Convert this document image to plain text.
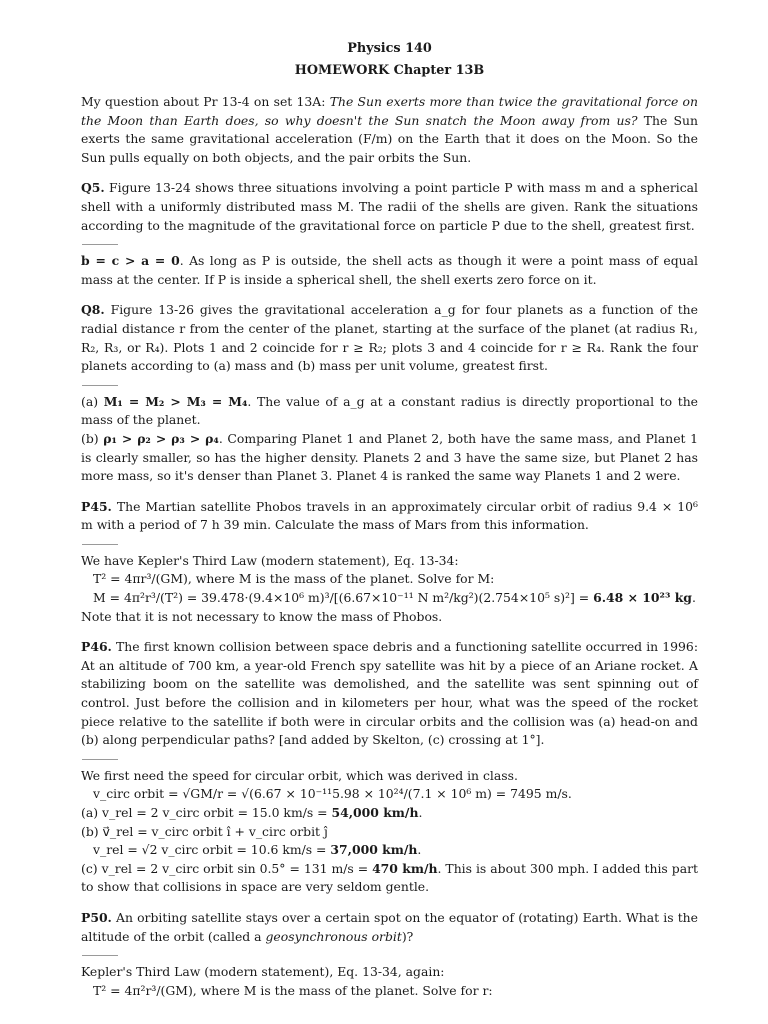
Physics 140
HOMEWORK Chapter 13B

My question about Pr 13-4 on set 13A: The Sun exerts more than twice the gravitational force on the Moon than Earth does, so why doesn't the Sun snatch the Moon away from us? The Sun exerts the same gravitational acceleration (F/m) on the Earth that it does on the Moon. So the Sun pulls equally on both objects, and the pair orbits the Sun.

Q5. Figure 13-24 shows three situations involving a point particle P with mass m and a spherical shell with a uniformly distributed mass M. The radii of the shells are given. Rank the situations according to the magnitude of the gravitational force on particle P due to the shell, greatest first.

b = c > a = 0. As long as P is outside, the shell acts as though it were a point mass of equal mass at the center. If P is inside a spherical shell, the shell exerts zero force on it.

Q8. Figure 13-26 gives the gravitational acceleration a_g for four planets as a function of the radial distance r from the center of the planet, starting at the surface of the planet (at radius R₁, R₂, R₃, or R₄). Plots 1 and 2 coincide for r ≥ R₂; plots 3 and 4 coincide for r ≥ R₄. Rank the four planets according to (a) mass and (b) mass per unit volume, greatest first.

(a) M₁ = M₂ > M₃ = M₄. The value of a_g at a constant radius is directly proportional to the mass of the planet.

(b) ρ₁ > ρ₂ > ρ₃ > ρ₄. Comparing Planet 1 and Planet 2, both have the same mass, and Planet 1 is clearly smaller, so has the higher density. Planets 2 and 3 have the same size, but Planet 2 has more mass, so it's denser than Planet 3. Planet 4 is ranked the same way Planets 1 and 2 were.

P45. The Martian satellite Phobos travels in an approximately circular orbit of radius 9.4 × 10⁶ m with a period of 7 h 39 min. Calculate the mass of Mars from this information.

We have Kepler's Third Law (modern statement), Eq. 13-34:

T² = 4πr³/(GM), where M is the mass of the planet. Solve for M:

M = 4π²r³/(T²) = 39.478·(9.4×10⁶ m)³/[(6.67×10⁻¹¹ N m²/kg²)(2.754×10⁵ s)²] = 6.48 × 10²³ kg.

Note that it is not necessary to know the mass of Phobos.

P46. The first known collision between space debris and a functioning satellite occurred in 1996: At an altitude of 700 km, a year-old French spy satellite was hit by a piece of an Ariane rocket. A stabilizing boom on the satellite was demolished, and the satellite was sent spinning out of control. Just before the collision and in kilometers per hour, what was the speed of the rocket piece relative to the satellite if both were in circular orbits and the collision was (a) head-on and (b) along perpendicular paths? [and added by Skelton, (c) crossing at 1°].

We first need the speed for circular orbit, which was derived in class.

v_circ orbit = √GM/r = √(6.67 × 10⁻¹¹5.98 × 10²⁴/(7.1 × 10⁶ m) = 7495 m/s.

(a) v_rel = 2 v_circ orbit = 15.0 km/s = 54,000 km/h.

(b) v⃗_rel = v_circ orbit î + v_circ orbit ĵ

v_rel = √2 v_circ orbit = 10.6 km/s = 37,000 km/h.

(c) v_rel = 2 v_circ orbit sin 0.5° = 131 m/s = 470 km/h. This is about 300 mph. I added this part to show that collisions in space are very seldom gentle.

P50. An orbiting satellite stays over a certain spot on the equator of (rotating) Earth. What is the altitude of the orbit (called a geosynchronous orbit)?

Kepler's Third Law (modern statement), Eq. 13-34, again:

T² = 4π²r³/(GM), where M is the mass of the planet. Solve for r:
